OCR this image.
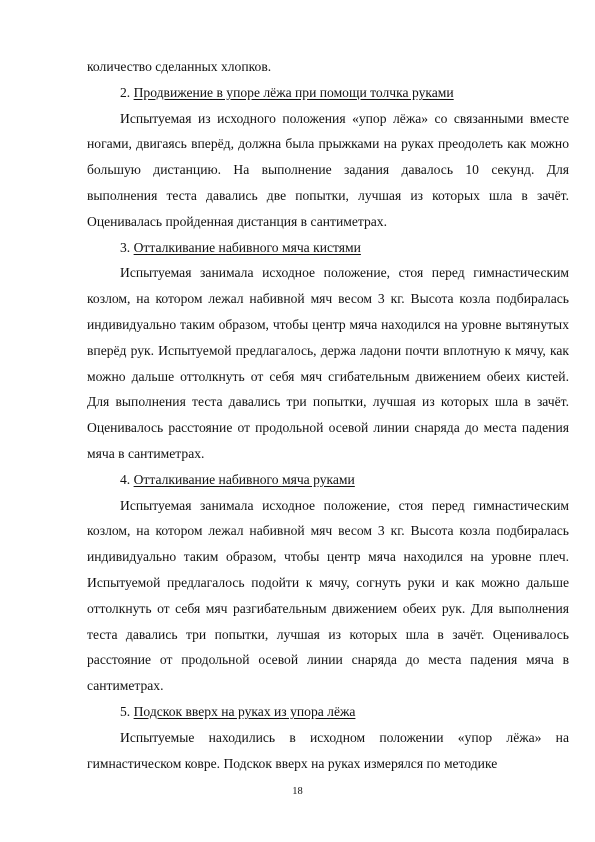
количество сделанных хлопков.

2. Продвижение в упоре лёжа при помощи толчка руками

Испытуемая из исходного положения «упор лёжа» со связанными вместе ногами, двигаясь вперёд, должна была прыжками на руках преодолеть как можно большую дистанцию. На выполнение задания давалось 10 секунд. Для выполнения теста давались две попытки, лучшая из которых шла в зачёт. Оценивалась пройденная дистанция в сантиметрах.

3. Отталкивание набивного мяча кистями

Испытуемая занимала исходное положение, стоя перед гимнастическим козлом, на котором лежал набивной мяч весом 3 кг. Высота козла подбиралась индивидуально таким образом, чтобы центр мяча находился на уровне вытянутых вперёд рук. Испытуемой предлагалось, держа ладони почти вплотную к мячу, как можно дальше оттолкнуть от себя мяч сгибательным движением обеих кистей. Для выполнения теста давались три попытки, лучшая из которых шла в зачёт. Оценивалось расстояние от продольной осевой линии снаряда до места падения мяча в сантиметрах.

4. Отталкивание набивного мяча руками

Испытуемая занимала исходное положение, стоя перед гимнастическим козлом, на котором лежал набивной мяч весом 3 кг. Высота козла подбиралась индивидуально таким образом, чтобы центр мяча находился на уровне плеч. Испытуемой предлагалось подойти к мячу, согнуть руки и как можно дальше оттолкнуть от себя мяч разгибательным движением обеих рук. Для выполнения теста давались три попытки, лучшая из которых шла в зачёт. Оценивалось расстояние от продольной осевой линии снаряда до места падения мяча в сантиметрах.

5. Подскок вверх на руках из упора лёжа

Испытуемые находились в исходном положении «упор лёжа» на гимнастическом ковре. Подскок вверх на руках измерялся по методике

18
